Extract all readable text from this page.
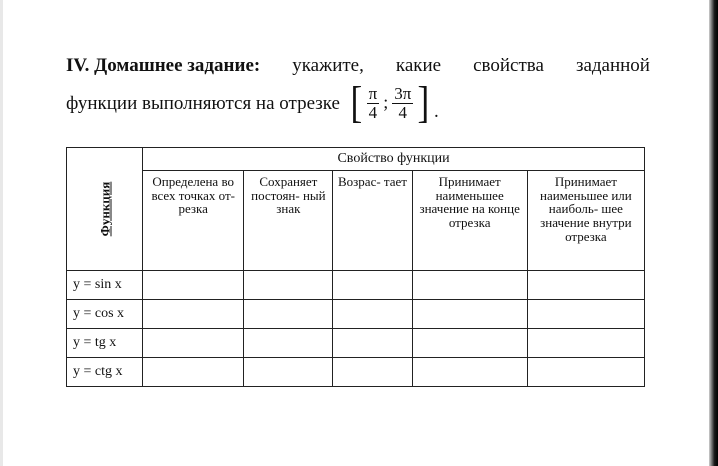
IV. Домашнее задание: укажите, какие свойства заданной
функции выполняются на отрезке [ $\frac{\pi}{4}$ ; $\frac{3\pi}{4}$ ] .
Функция	Свойство функции				
	Определена во всех точках от- резка	Сохраняет постоян- ный знак	Возрас- тает	Принимает наименьшее значение на конце отрезка	Принимает наименьшее или наиболь- шее значение внутри отрезка
y = sin x					
y = cos x					
y = tg x					
y = ctg x					
